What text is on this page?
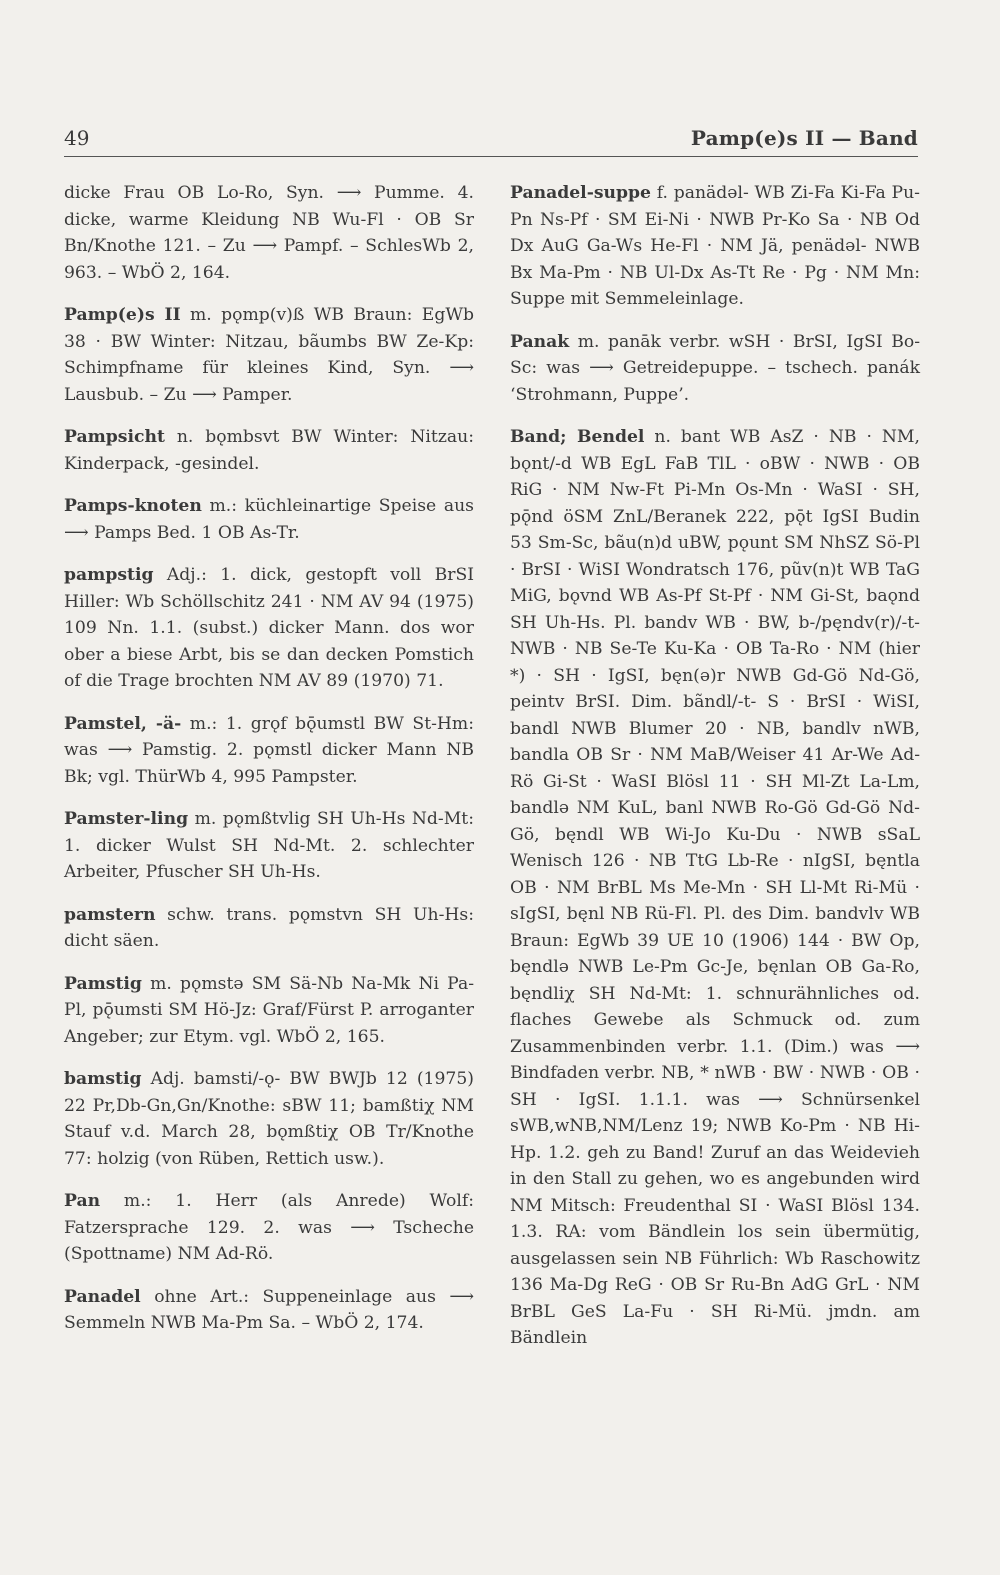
49	Pamp(e)s II — Band

dicke Frau OB Lo-Ro, Syn. ⟶ Pumme. 4. dicke, warme Kleidung NB Wu-Fl · OB Sr Bn/Knothe 121. – Zu ⟶ Pampf. – SchlesWb 2, 963. – WbÖ 2, 164.

Pamp(e)s II m. pǫmp(v)ß WB Braun: EgWb 38 · BW Winter: Nitzau, bãumbs BW Ze-Kp: Schimpfname für kleines Kind, Syn. ⟶ Lausbub. – Zu ⟶ Pamper.

Pampsicht n. bǫmbsvt BW Winter: Nitzau: Kinderpack, -gesindel.

Pamps-knoten m.: küchleinartige Speise aus ⟶ Pamps Bed. 1 OB As-Tr.

pampstig Adj.: 1. dick, gestopft voll BrSI Hiller: Wb Schöllschitz 241 · NM AV 94 (1975) 109 Nn. 1.1. (subst.) dicker Mann. dos wor ober a biese Arbt, bis se dan decken Pomstich of die Trage brochten NM AV 89 (1970) 71.

Pamstel, -ä- m.: 1. grǫf bǭumstl BW St-Hm: was ⟶ Pamstig. 2. pǫmstl dicker Mann NB Bk; vgl. ThürWb 4, 995 Pampster.

Pamster-ling m. pǫmßtvlig SH Uh-Hs Nd-Mt: 1. dicker Wulst SH Nd-Mt. 2. schlechter Arbeiter, Pfuscher SH Uh-Hs.

pamstern schw. trans. pǫmstvn SH Uh-Hs: dicht säen.

Pamstig m. pǫmstə SM Sä-Nb Na-Mk Ni Pa-Pl, pǭumsti SM Hö-Jz: Graf/Fürst P. arroganter Angeber; zur Etym. vgl. WbÖ 2, 165.

bamstig Adj. bamsti/-ǫ- BW BWJb 12 (1975) 22 Pr,Db-Gn,Gn/Knothe: sBW 11; bamßtiχ NM Stauf v.d. March 28, bǫmßtiχ OB Tr/Knothe 77: holzig (von Rüben, Rettich usw.).

Pan m.: 1. Herr (als Anrede) Wolf: Fatzersprache 129. 2. was ⟶ Tscheche (Spottname) NM Ad-Rö.

Panadel ohne Art.: Suppeneinlage aus ⟶ Semmeln NWB Ma-Pm Sa. – WbÖ 2, 174.

Panadel-suppe f. panädəl- WB Zi-Fa Ki-Fa Pu-Pn Ns-Pf · SM Ei-Ni · NWB Pr-Ko Sa · NB Od Dx AuG Ga-Ws He-Fl · NM Jä, penädəl- NWB Bx Ma-Pm · NB Ul-Dx As-Tt Re · Pg · NM Mn: Suppe mit Semmeleinlage.

Panak m. panāk verbr. wSH · BrSI, IgSI Bo-Sc: was ⟶ Getreidepuppe. – tschech. panák ‘Strohmann, Puppe’.

Band; Bendel n. bant WB AsZ · NB · NM, bǫnt/-d WB EgL FaB TlL · oBW · NWB · OB RiG · NM Nw-Ft Pi-Mn Os-Mn · WaSI · SH, pǭnd öSM ZnL/Beranek 222, pǭt IgSI Budin 53 Sm-Sc, bãu(n)d uBW, pǫunt SM NhSZ Sö-Pl · BrSI · WiSI Wondratsch 176, pũv(n)t WB TaG MiG, bǫvnd WB As-Pf St-Pf · NM Gi-St, baǫnd SH Uh-Hs. Pl. bandv WB · BW, b-/pęndv(r)/-t- NWB · NB Se-Te Ku-Ka · OB Ta-Ro · NM (hier *) · SH · IgSI, bęn(ə)r NWB Gd-Gö Nd-Gö, peintv BrSI. Dim. bãndl/-t- S · BrSI · WiSI, bandl NWB Blumer 20 · NB, bandlv nWB, bandla OB Sr · NM MaB/Weiser 41 Ar-We Ad-Rö Gi-St · WaSI Blösl 11 · SH Ml-Zt La-Lm, bandlə NM KuL, banl NWB Ro-Gö Gd-Gö Nd-Gö, bęndl WB Wi-Jo Ku-Du · NWB sSaL Wenisch 126 · NB TtG Lb-Re · nIgSI, bęntla OB · NM BrBL Ms Me-Mn · SH Ll-Mt Ri-Mü · sIgSI, bęnl NB Rü-Fl. Pl. des Dim. bandvlv WB Braun: EgWb 39 UE 10 (1906) 144 · BW Op, bęndlə NWB Le-Pm Gc-Je, bęnlan OB Ga-Ro, bęndliχ SH Nd-Mt: 1. schnurähnliches od. flaches Gewebe als Schmuck od. zum Zusammenbinden verbr. 1.1. (Dim.) was ⟶ Bindfaden verbr. NB, * nWB · BW · NWB · OB · SH · IgSI. 1.1.1. was ⟶ Schnürsenkel sWB,wNB,NM/Lenz 19; NWB Ko-Pm · NB Hi-Hp. 1.2. geh zu Band! Zuruf an das Weidevieh in den Stall zu gehen, wo es angebunden wird NM Mitsch: Freudenthal SI · WaSI Blösl 134. 1.3. RA: vom Bändlein los sein übermütig, ausgelassen sein NB Führlich: Wb Raschowitz 136 Ma-Dg ReG · OB Sr Ru-Bn AdG GrL · NM BrBL GeS La-Fu · SH Ri-Mü. jmdn. am Bändlein
